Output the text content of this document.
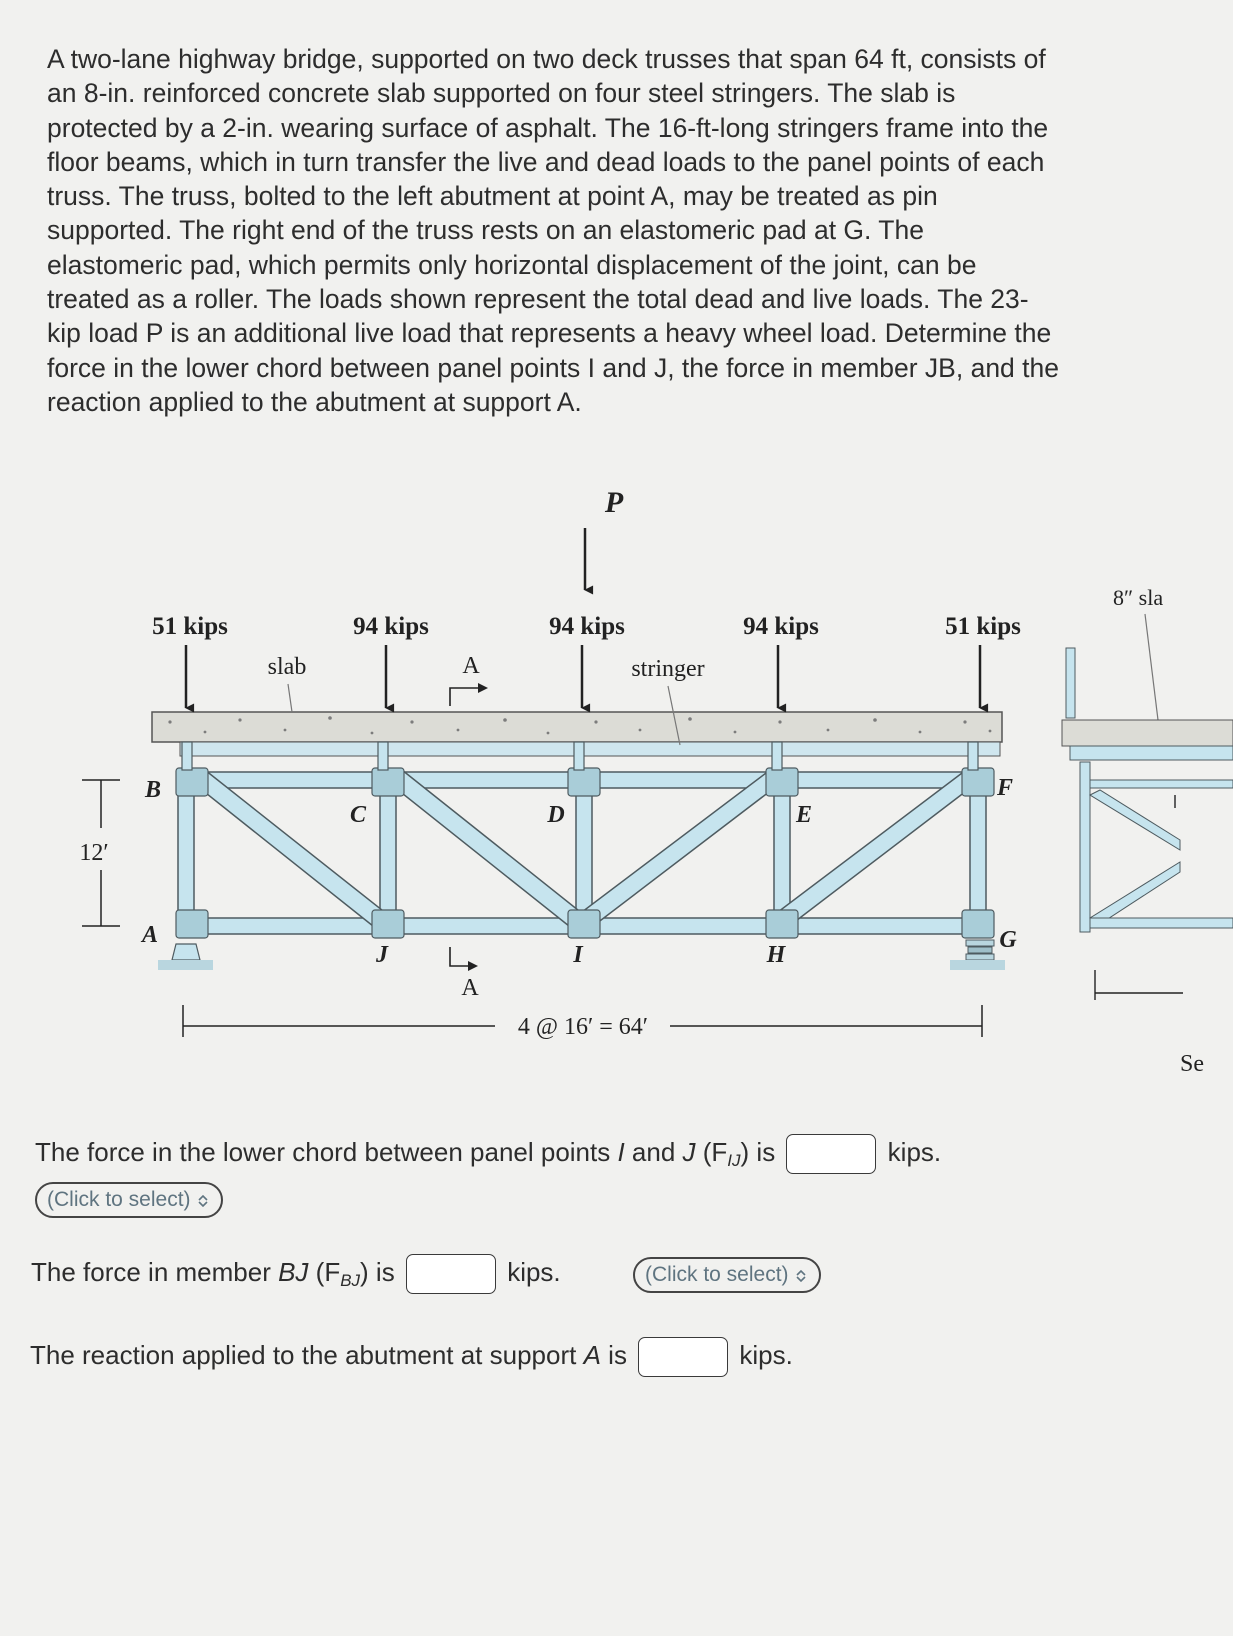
A two-lane highway bridge, supported on two deck trusses that span 64 ft, consists of
an 8-in. reinforced concrete slab supported on four steel stringers. The slab is
protected by a 2-in. wearing surface of asphalt. The 16-ft-long stringers frame into the
floor beams, which in turn transfer the live and dead loads to the panel points of each
truss. The truss, bolted to the left abutment at point A, may be treated as pin
supported. The right end of the truss rests on an elastomeric pad at G. The
elastomeric pad, which permits only horizontal displacement of the joint, can be
treated as a roller. The loads shown represent the total dead and live loads. The 23-
kip load P is an additional live load that represents a heavy wheel load. Determine the
force in the lower chord between panel points I and J, the force in member JB, and the
reaction applied to the abutment at support A.
P
51 kips	94 kips	94 kips	94 kips	51 kips
slab	stringer
A
A
B
C	D	E
F
A
J	I	H
G
12′
4 @ 16′ = 64′
8″ sla
Se
The force in the lower chord between panel points I and J $(F_{IJ})$ is	kips.
(Click to select)
The force in member BJ $(F_{BJ})$ is	kips.	(Click to select)
The reaction applied to the abutment at support A is	kips.
